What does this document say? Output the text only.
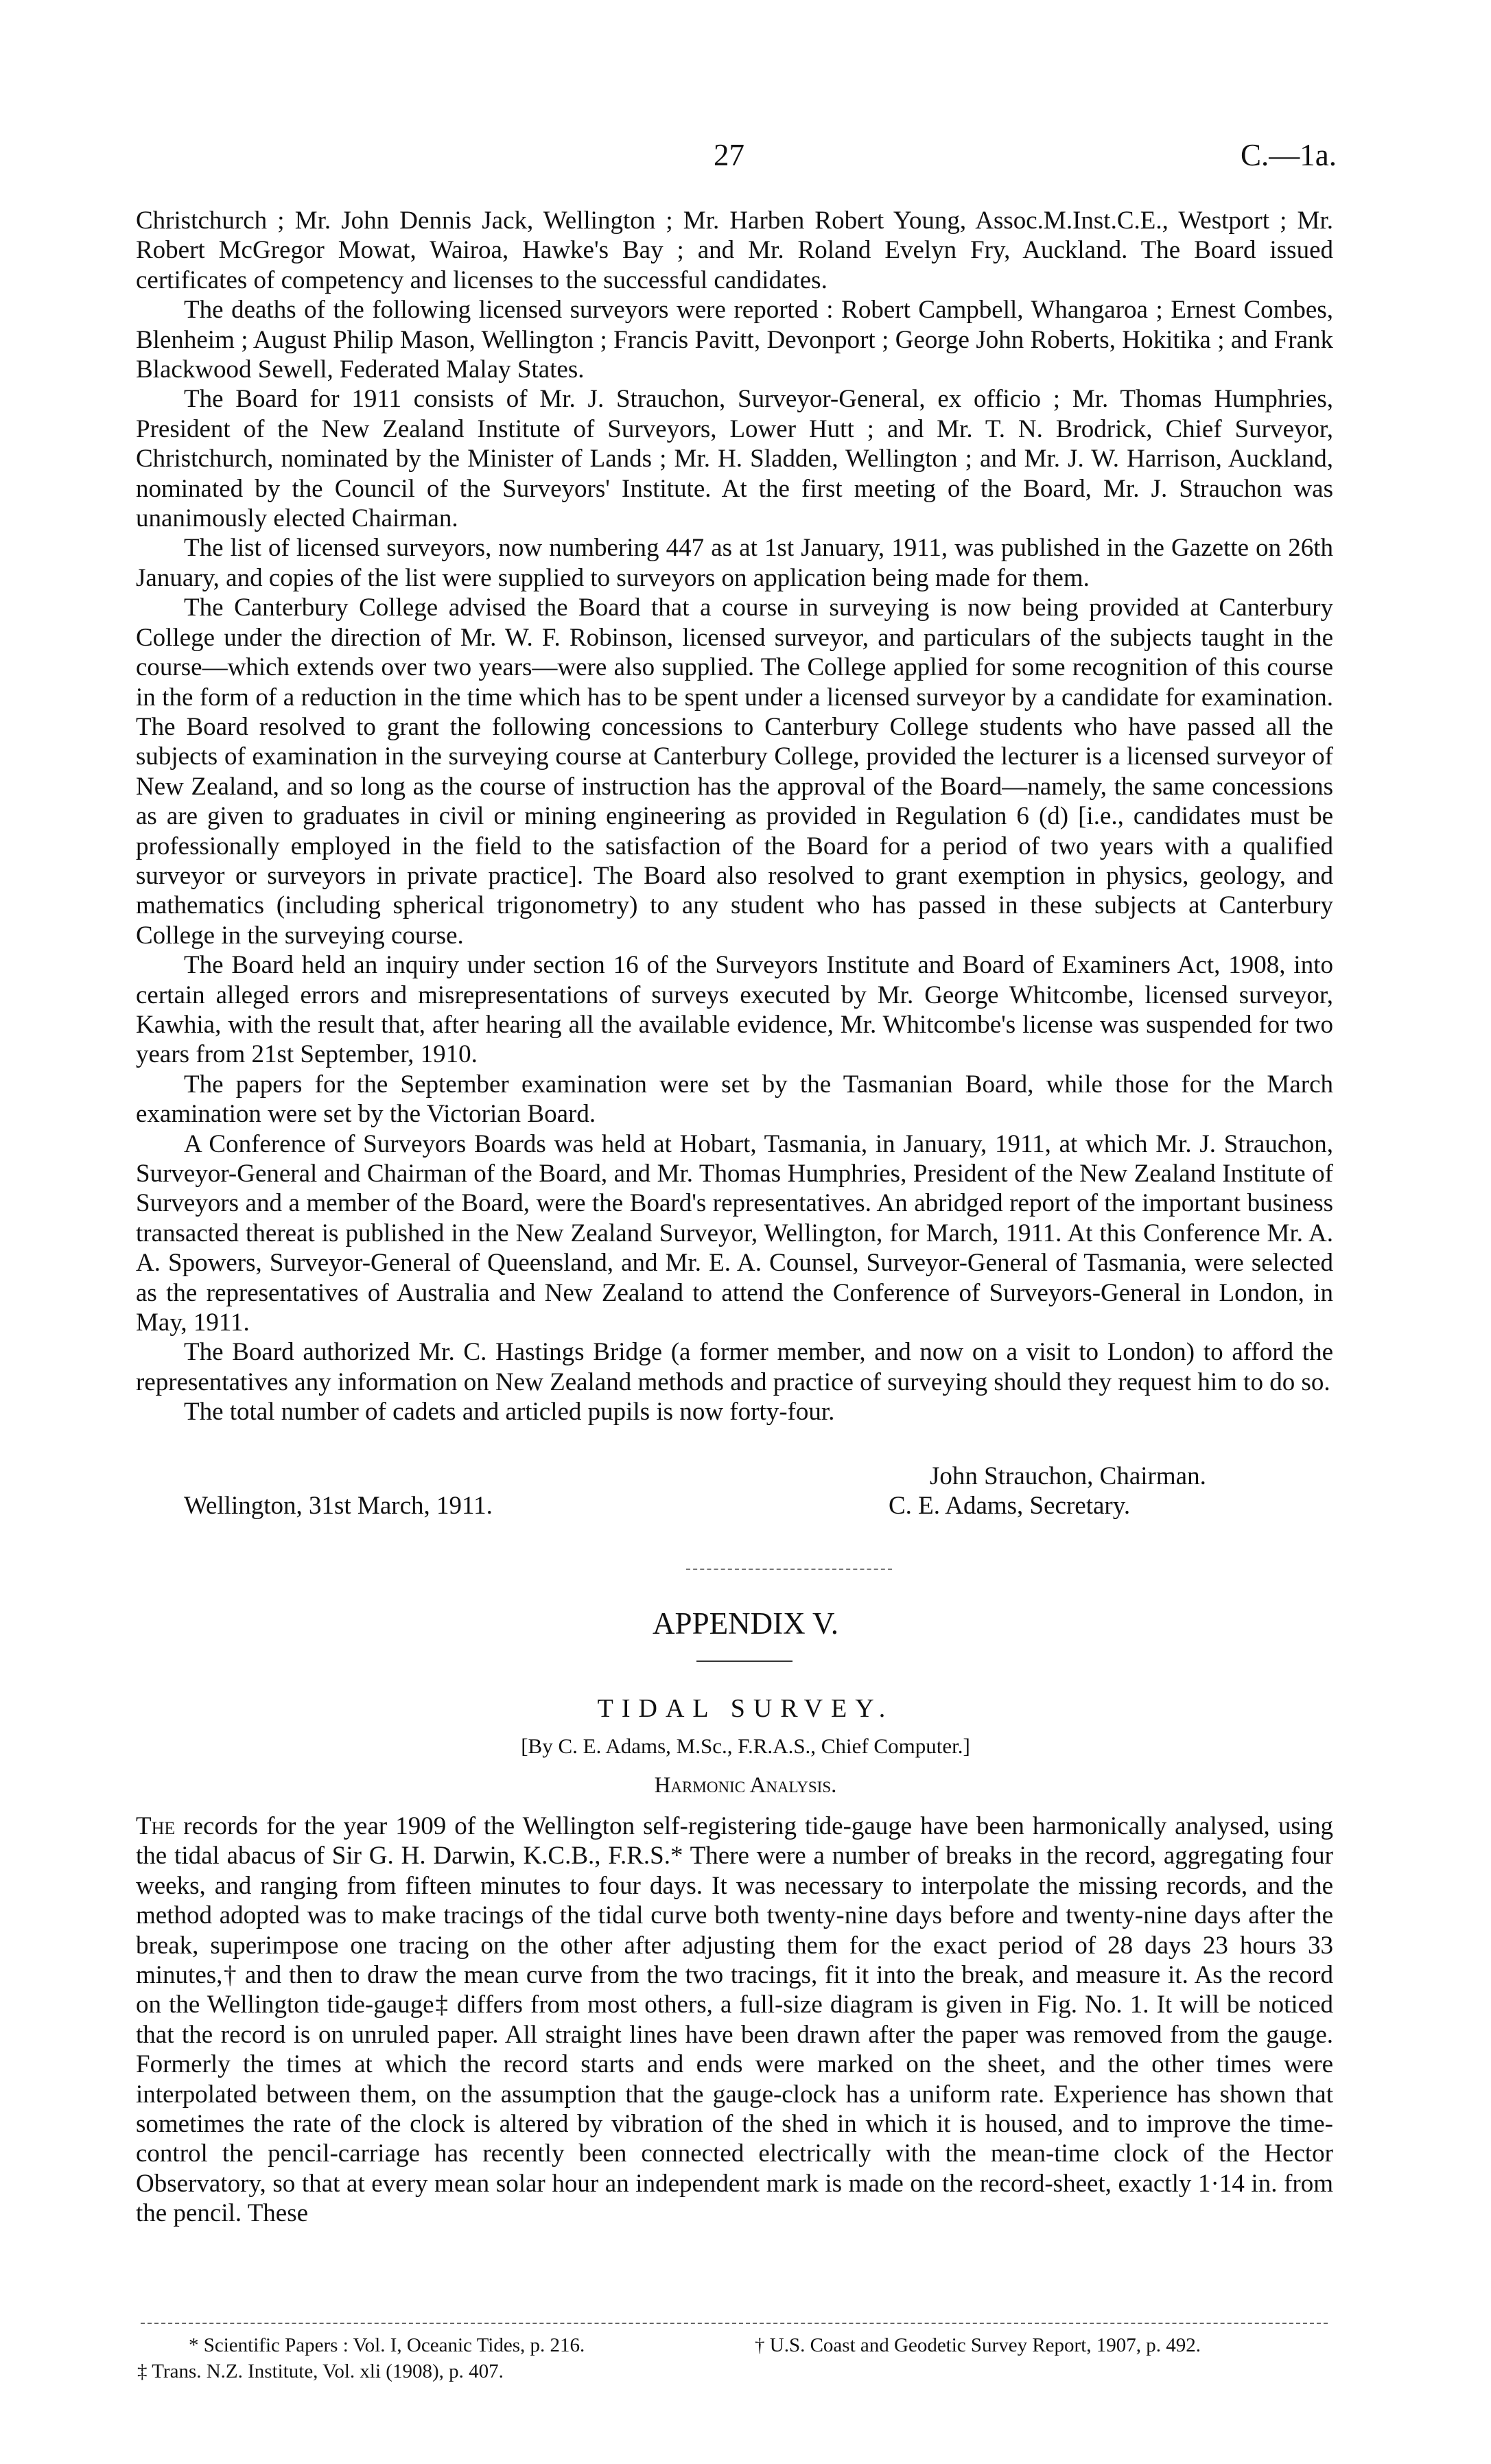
27	C.—1a.

Christchurch ; Mr. John Dennis Jack, Wellington ; Mr. Harben Robert Young, Assoc.M.Inst.C.E., Westport ; Mr. Robert McGregor Mowat, Wairoa, Hawke's Bay ; and Mr. Roland Evelyn Fry, Auckland. The Board issued certificates of competency and licenses to the successful candidates.

The deaths of the following licensed surveyors were reported : Robert Campbell, Whangaroa ; Ernest Combes, Blenheim ; August Philip Mason, Wellington ; Francis Pavitt, Devonport ; George John Roberts, Hokitika ; and Frank Blackwood Sewell, Federated Malay States.

The Board for 1911 consists of Mr. J. Strauchon, Surveyor-General, ex officio ; Mr. Thomas Humphries, President of the New Zealand Institute of Surveyors, Lower Hutt ; and Mr. T. N. Brodrick, Chief Surveyor, Christchurch, nominated by the Minister of Lands ; Mr. H. Sladden, Wellington ; and Mr. J. W. Harrison, Auckland, nominated by the Council of the Surveyors' Institute. At the first meeting of the Board, Mr. J. Strauchon was unanimously elected Chairman.

The list of licensed surveyors, now numbering 447 as at 1st January, 1911, was published in the Gazette on 26th January, and copies of the list were supplied to surveyors on application being made for them.

The Canterbury College advised the Board that a course in surveying is now being provided at Canterbury College under the direction of Mr. W. F. Robinson, licensed surveyor, and particulars of the subjects taught in the course—which extends over two years—were also supplied. The College applied for some recognition of this course in the form of a reduction in the time which has to be spent under a licensed surveyor by a candidate for examination. The Board resolved to grant the following concessions to Canterbury College students who have passed all the subjects of examination in the surveying course at Canterbury College, provided the lecturer is a licensed surveyor of New Zealand, and so long as the course of instruction has the approval of the Board—namely, the same concessions as are given to graduates in civil or mining engineering as provided in Regulation 6 (d) [i.e., candidates must be professionally employed in the field to the satisfaction of the Board for a period of two years with a qualified surveyor or surveyors in private practice]. The Board also resolved to grant exemption in physics, geology, and mathematics (including spherical trigonometry) to any student who has passed in these subjects at Canterbury College in the surveying course.

The Board held an inquiry under section 16 of the Surveyors Institute and Board of Examiners Act, 1908, into certain alleged errors and misrepresentations of surveys executed by Mr. George Whitcombe, licensed surveyor, Kawhia, with the result that, after hearing all the available evidence, Mr. Whitcombe's license was suspended for two years from 21st September, 1910.

The papers for the September examination were set by the Tasmanian Board, while those for the March examination were set by the Victorian Board.

A Conference of Surveyors Boards was held at Hobart, Tasmania, in January, 1911, at which Mr. J. Strauchon, Surveyor-General and Chairman of the Board, and Mr. Thomas Humphries, President of the New Zealand Institute of Surveyors and a member of the Board, were the Board's representatives. An abridged report of the important business transacted thereat is published in the New Zealand Surveyor, Wellington, for March, 1911. At this Conference Mr. A. A. Spowers, Surveyor-General of Queensland, and Mr. E. A. Counsel, Surveyor-General of Tasmania, were selected as the representatives of Australia and New Zealand to attend the Conference of Surveyors-General in London, in May, 1911.

The Board authorized Mr. C. Hastings Bridge (a former member, and now on a visit to London) to afford the representatives any information on New Zealand methods and practice of surveying should they request him to do so.

The total number of cadets and articled pupils is now forty-four.

John Strauchon, Chairman.
Wellington, 31st March, 1911.	C. E. Adams, Secretary.
APPENDIX V.
TIDAL SURVEY.
[By C. E. Adams, M.Sc., F.R.A.S., Chief Computer.]
Harmonic Analysis.

The records for the year 1909 of the Wellington self-registering tide-gauge have been harmonically analysed, using the tidal abacus of Sir G. H. Darwin, K.C.B., F.R.S.* There were a number of breaks in the record, aggregating four weeks, and ranging from fifteen minutes to four days. It was necessary to interpolate the missing records, and the method adopted was to make tracings of the tidal curve both twenty-nine days before and twenty-nine days after the break, superimpose one tracing on the other after adjusting them for the exact period of 28 days 23 hours 33 minutes,† and then to draw the mean curve from the two tracings, fit it into the break, and measure it. As the record on the Wellington tide-gauge‡ differs from most others, a full-size diagram is given in Fig. No. 1. It will be noticed that the record is on unruled paper. All straight lines have been drawn after the paper was removed from the gauge. Formerly the times at which the record starts and ends were marked on the sheet, and the other times were interpolated between them, on the assumption that the gauge-clock has a uniform rate. Experience has shown that sometimes the rate of the clock is altered by vibration of the shed in which it is housed, and to improve the time-control the pencil-carriage has recently been connected electrically with the mean-time clock of the Hector Observatory, so that at every mean solar hour an independent mark is made on the record-sheet, exactly 1·14 in. from the pencil. These

* Scientific Papers : Vol. I, Oceanic Tides, p. 216.	† U.S. Coast and Geodetic Survey Report, 1907, p. 492.
‡ Trans. N.Z. Institute, Vol. xli (1908), p. 407.
